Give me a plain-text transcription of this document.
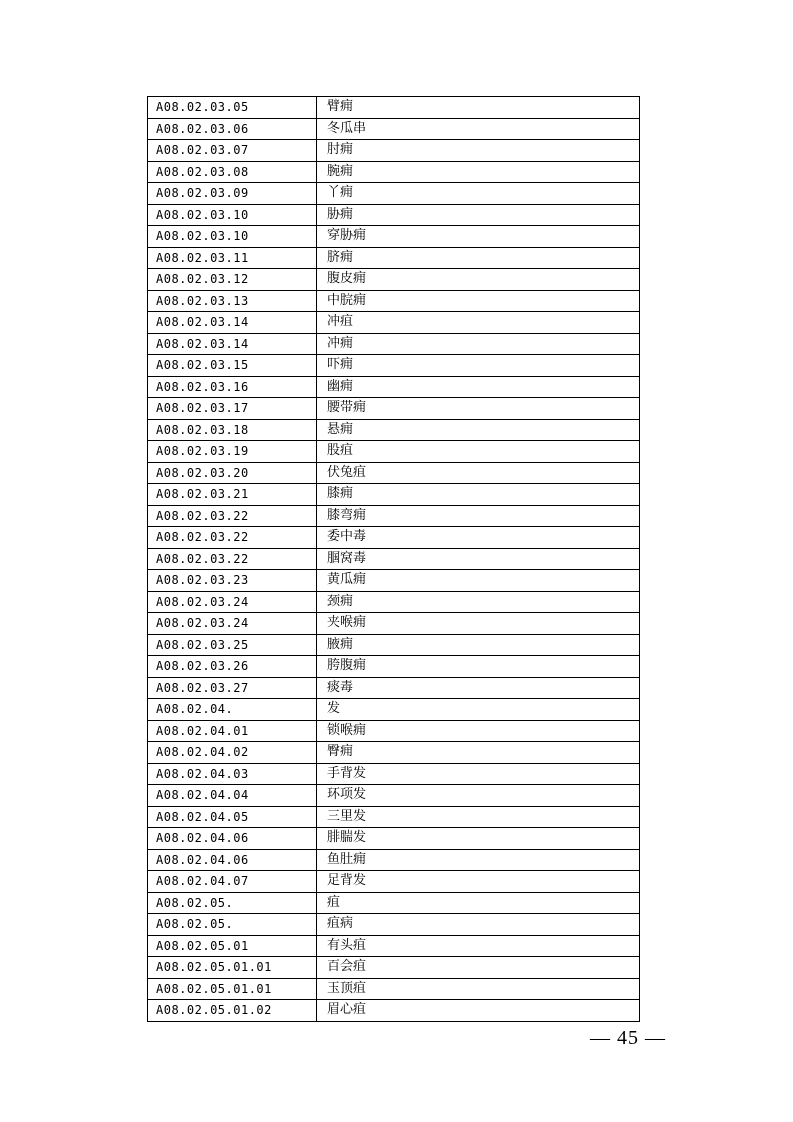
A08.02.03.05	臂痈
A08.02.03.06	冬瓜串
A08.02.03.07	肘痈
A08.02.03.08	腕痈
A08.02.03.09	丫痈
A08.02.03.10	胁痈
A08.02.03.10	穿胁痈
A08.02.03.11	脐痈
A08.02.03.12	腹皮痈
A08.02.03.13	中脘痈
A08.02.03.14	冲疽
A08.02.03.14	冲痈
A08.02.03.15	吓痈
A08.02.03.16	幽痈
A08.02.03.17	腰带痈
A08.02.03.18	悬痈
A08.02.03.19	股疽
A08.02.03.20	伏兔疽
A08.02.03.21	膝痈
A08.02.03.22	膝弯痈
A08.02.03.22	委中毒
A08.02.03.22	腘窝毒
A08.02.03.23	黄瓜痈
A08.02.03.24	颈痈
A08.02.03.24	夹喉痈
A08.02.03.25	腋痈
A08.02.03.26	胯腹痈
A08.02.03.27	痰毒
A08.02.04.	发
A08.02.04.01	锁喉痈
A08.02.04.02	臀痈
A08.02.04.03	手背发
A08.02.04.04	环项发
A08.02.04.05	三里发
A08.02.04.06	腓腨发
A08.02.04.06	鱼肚痈
A08.02.04.07	足背发
A08.02.05.	疽
A08.02.05.	疽病
A08.02.05.01	有头疽
A08.02.05.01.01	百会疽
A08.02.05.01.01	玉顶疽
A08.02.05.01.02	眉心疽
— 45 —
